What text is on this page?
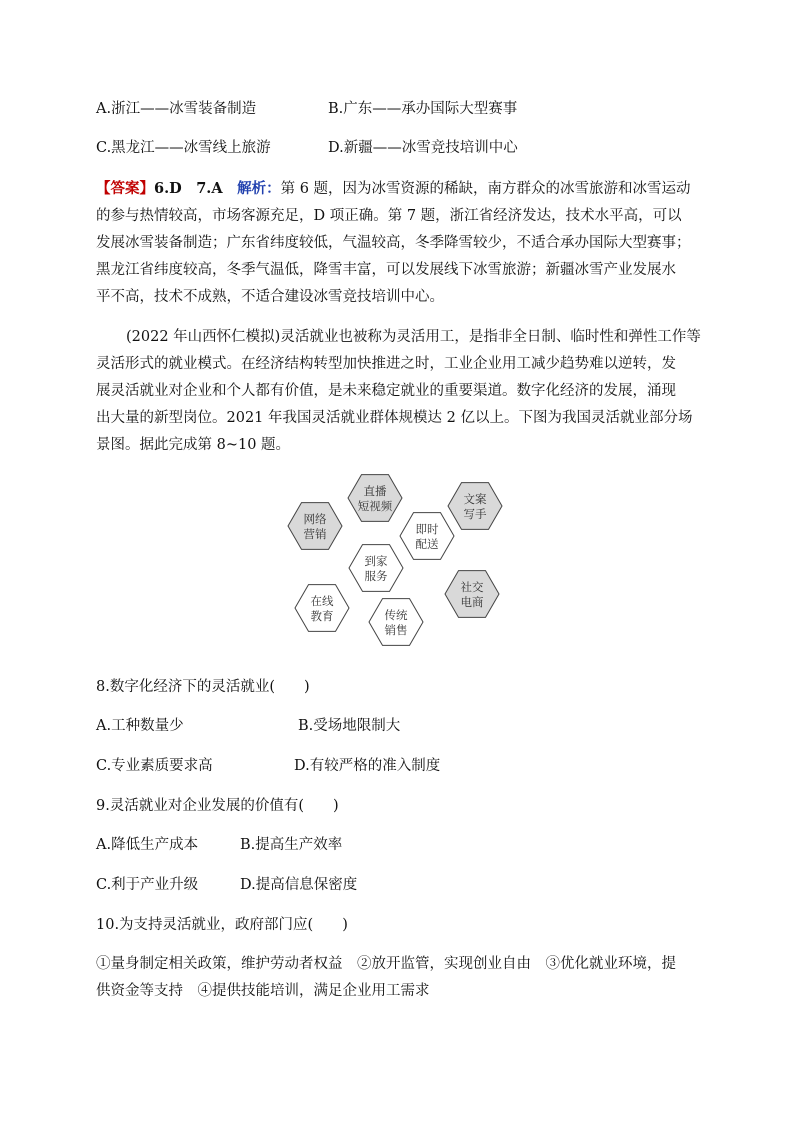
A.浙江——冰雪装备制造	B.广东——承办国际大型赛事
C.黑龙江——冰雪线上旅游	D.新疆——冰雪竞技培训中心
【答案】6.D　7.A　 解析：第 6 题，因为冰雪资源的稀缺，南方群众的冰雪旅游和冰雪运动
的参与热情较高，市场客源充足，D 项正确。第 7 题，浙江省经济发达，技术水平高，可以
发展冰雪装备制造；广东省纬度较低，气温较高，冬季降雪较少，不适合承办国际大型赛事；
黑龙江省纬度较高，冬季气温低，降雪丰富，可以发展线下冰雪旅游；新疆冰雪产业发展水
平不高，技术不成熟，不适合建设冰雪竞技培训中心。
(2022 年山西怀仁模拟)灵活就业也被称为灵活用工，是指非全日制、临时性和弹性工作等
灵活形式的就业模式。在经济结构转型加快推进之时，工业企业用工减少趋势难以逆转，发
展灵活就业对企业和个人都有价值，是未来稳定就业的重要渠道。数字化经济的发展，涌现
出大量的新型岗位。2021 年我国灵活就业群体规模达 2 亿以上。下图为我国灵活就业部分场
景图。据此完成第 8~10 题。
直播
短视频	文案
写手
网络
营销	即时
配送
到家
服务
社交
电商
在线
教育	传统
销售
8.数字化经济下的灵活就业(　　)
A.工种数量少	B.受场地限制大
C.专业素质要求高	D.有较严格的准入制度
9.灵活就业对企业发展的价值有(　　)
A.降低生产成本	B.提高生产效率
C.利于产业升级	D.提高信息保密度
10.为支持灵活就业，政府部门应(　　)
①量身制定相关政策，维护劳动者权益　②放开监管，实现创业自由　③优化就业环境，提
供资金等支持　④提供技能培训，满足企业用工需求
